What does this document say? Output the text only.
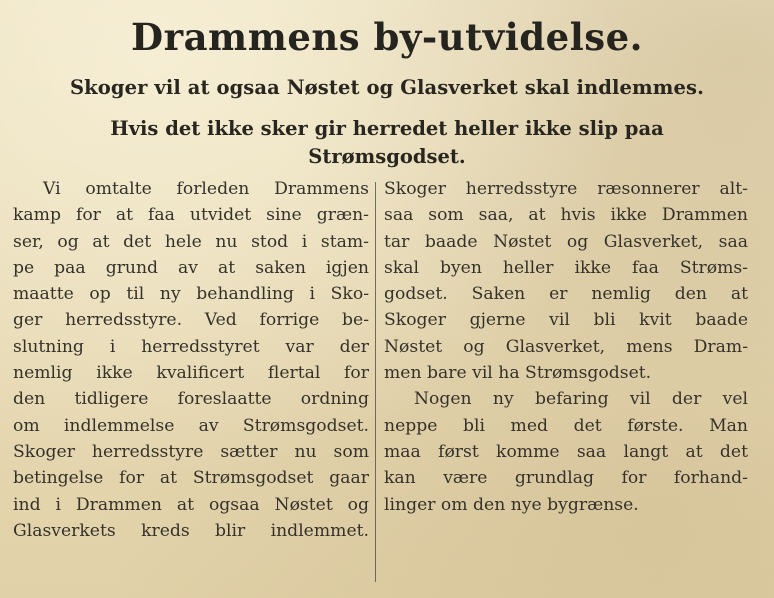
Drammens by-utvidelse.
Skoger vil at ogsaa Nøstet og Glasverket skal indlemmes.
Hvis det ikke sker gir herredet heller ikke slip paa
Strømsgodset.
Vi omtalte forleden Drammens
kamp for at faa utvidet sine græn-
ser, og at det hele nu stod i stam-
pe paa grund av at saken igjen
maatte op til ny behandling i Sko-
ger herredsstyre. Ved forrige be-
slutning i herredsstyret var der
nemlig ikke kvalificert flertal for
den tidligere foreslaatte ordning
om indlemmelse av Strømsgodset.
Skoger herredsstyre sætter nu som
betingelse for at Strømsgodset gaar
ind i Drammen at ogsaa Nøstet og
Glasverkets kreds blir indlemmet.
Skoger herredsstyre ræsonnerer alt-
saa som saa, at hvis ikke Drammen
tar baade Nøstet og Glasverket, saa
skal byen heller ikke faa Strøms-
godset. Saken er nemlig den at
Skoger gjerne vil bli kvit baade
Nøstet og Glasverket, mens Dram-
men bare vil ha Strømsgodset.
Nogen ny befaring vil der vel
neppe bli med det første. Man
maa først komme saa langt at det
kan være grundlag for forhand-
linger om den nye bygrænse.
